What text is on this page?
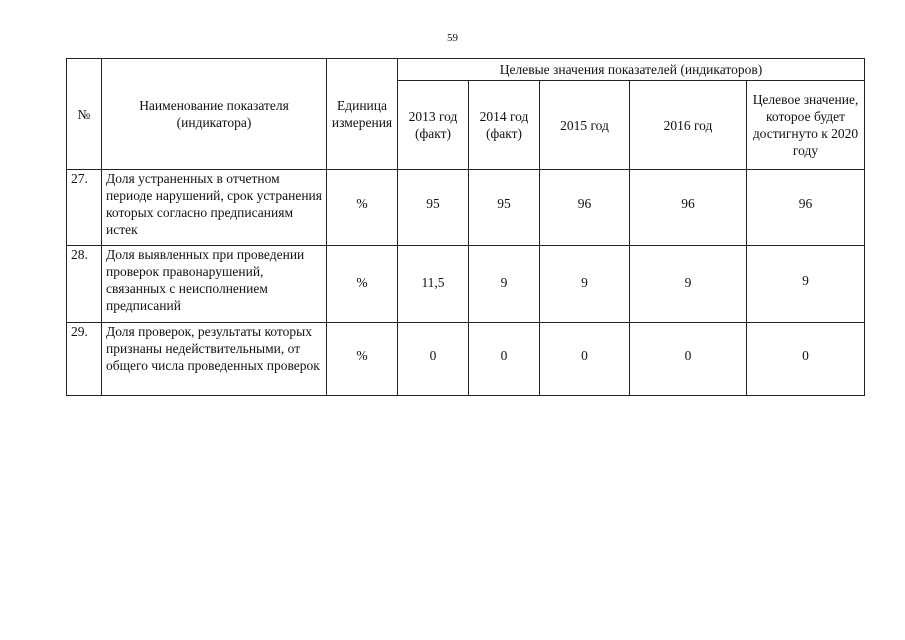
59
№	Наименование показателя (индикатора)	Единица измерения	Целевые значения показателей (индикаторов)				
			2013 год (факт)	2014 год (факт)	2015 год	2016 год	Целевое значение, которое будет достигнуто к 2020 году
27.	Доля устраненных в отчетном периоде нарушений, срок устранения которых согласно предписаниям истек	%	95	95	96	96	96
28.	Доля выявленных при проведении проверок правонарушений, связанных с неисполнением предписаний	%	11,5	9	9	9	9
29.	Доля проверок, результаты которых признаны недействительными, от общего числа проведенных проверок	%	0	0	0	0	0
